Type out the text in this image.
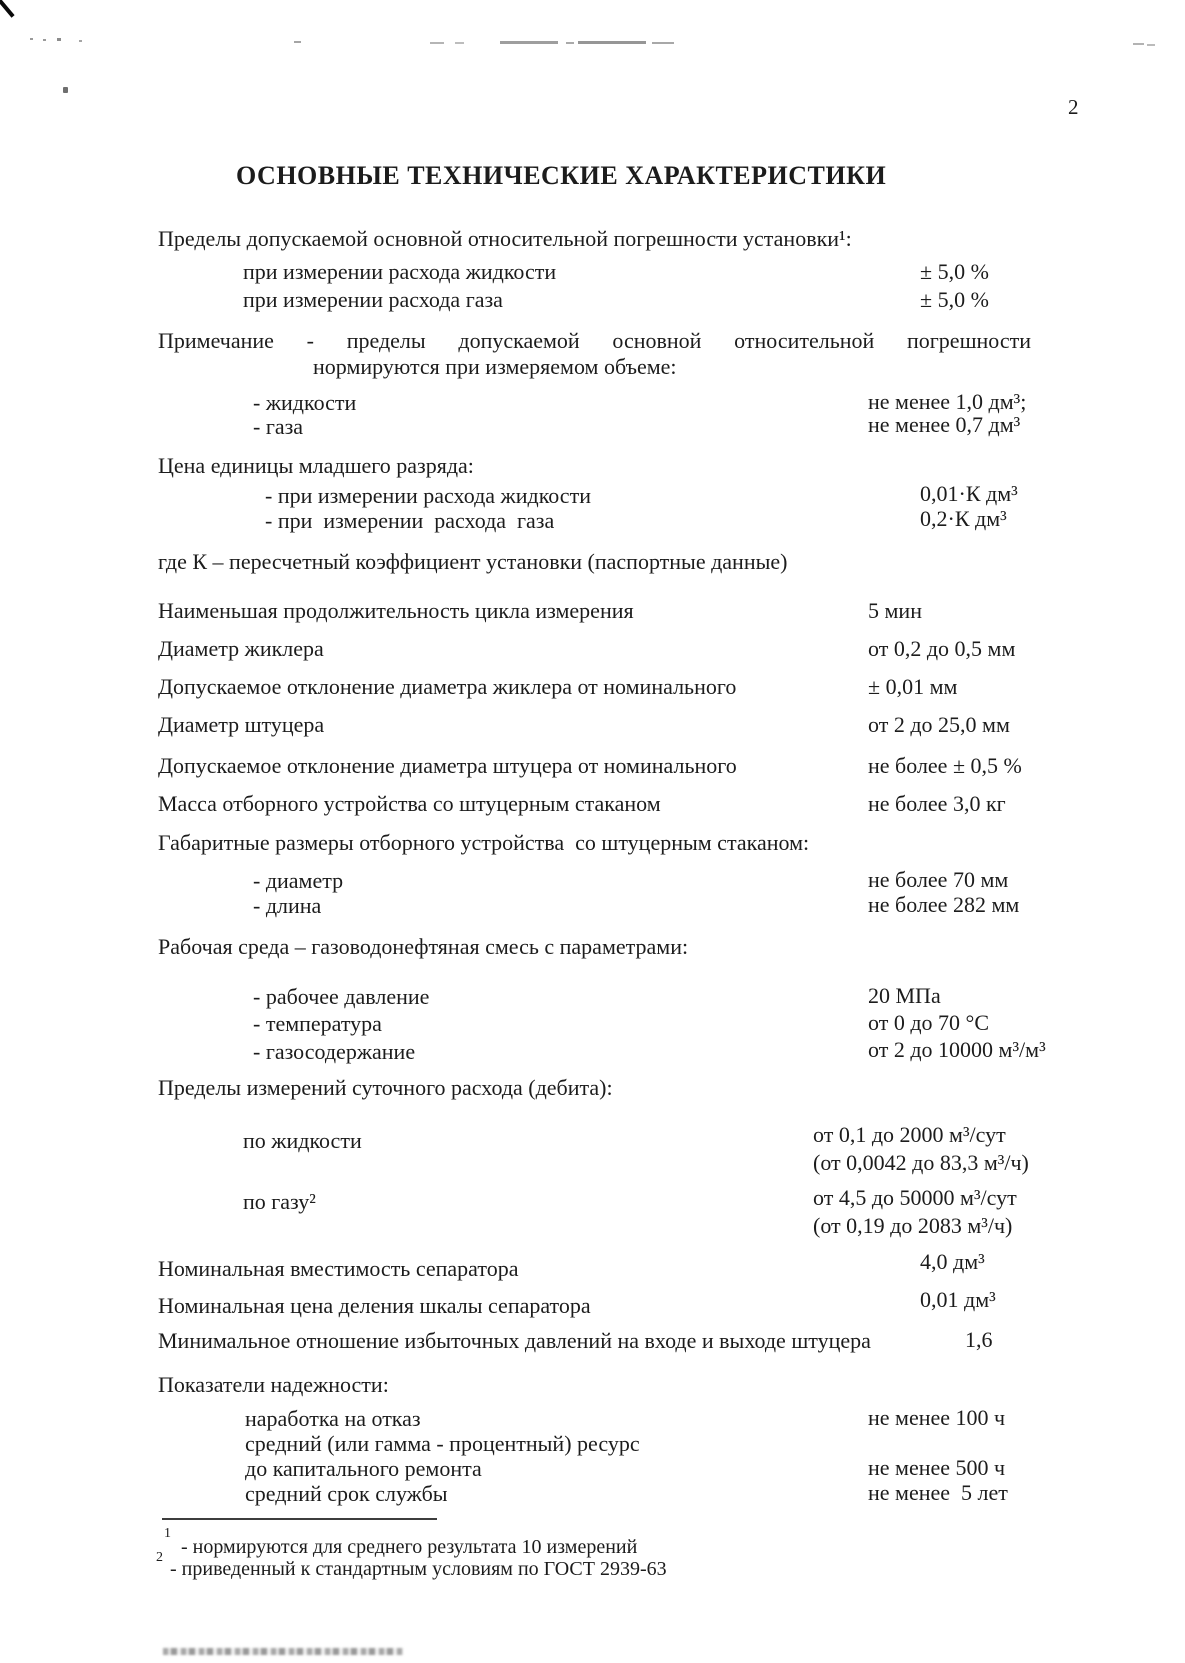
2
ОСНОВНЫЕ ТЕХНИЧЕСКИЕ ХАРАКТЕРИСТИКИ
Пределы допускаемой основной относительной погрешности установки¹:
при измерении расхода жидкости	± 5,0 %
при измерении расхода газа	± 5,0 %
Примечание - пределы допускаемой основной относительной погрешности
нормируются при измеряемом объеме:
- жидкости	не менее 1,0 дм³;
- газа	не менее 0,7 дм³
Цена единицы младшего разряда:
- при измерении расхода жидкости	0,01·К дм³
- при  измерении  расхода  газа	0,2·К дм³
где К – пересчетный коэффициент установки (паспортные данные)
Наименьшая продолжительность цикла измерения	5 мин
Диаметр жиклера	от 0,2 до 0,5 мм
Допускаемое отклонение диаметра жиклера от номинального	± 0,01 мм
Диаметр штуцера	от 2 до 25,0 мм
Допускаемое отклонение диаметра штуцера от номинального	не более ± 0,5 %
Масса отборного устройства со штуцерным стаканом	не более 3,0 кг
Габаритные размеры отборного устройства  со штуцерным стаканом:
- диаметр	не более 70 мм
- длина	не более 282 мм
Рабочая среда – газоводонефтяная смесь с параметрами:
- рабочее давление	20 МПа
- температура	от 0 до 70 °С
- газосодержание	от 2 до 10000 м³/м³
Пределы измерений суточного расхода (дебита):
по жидкости	от 0,1 до 2000 м³/сут
(от 0,0042 до 83,3 м³/ч)
по газу²	от 4,5 до 50000 м³/сут
(от 0,19 до 2083 м³/ч)
Номинальная вместимость сепаратора	4,0 дм³
Номинальная цена деления шкалы сепаратора	0,01 дм³
Минимальное отношение избыточных давлений на входе и выходе штуцера	1,6
Показатели надежности:
наработка на отказ	не менее 100 ч
средний (или гамма - процентный) ресурс
до капитального ремонта	не менее 500 ч
средний срок службы	не менее  5 лет
1
- нормируются для среднего результата 10 измерений
2
- приведенный к стандартным условиям по ГОСТ 2939-63
